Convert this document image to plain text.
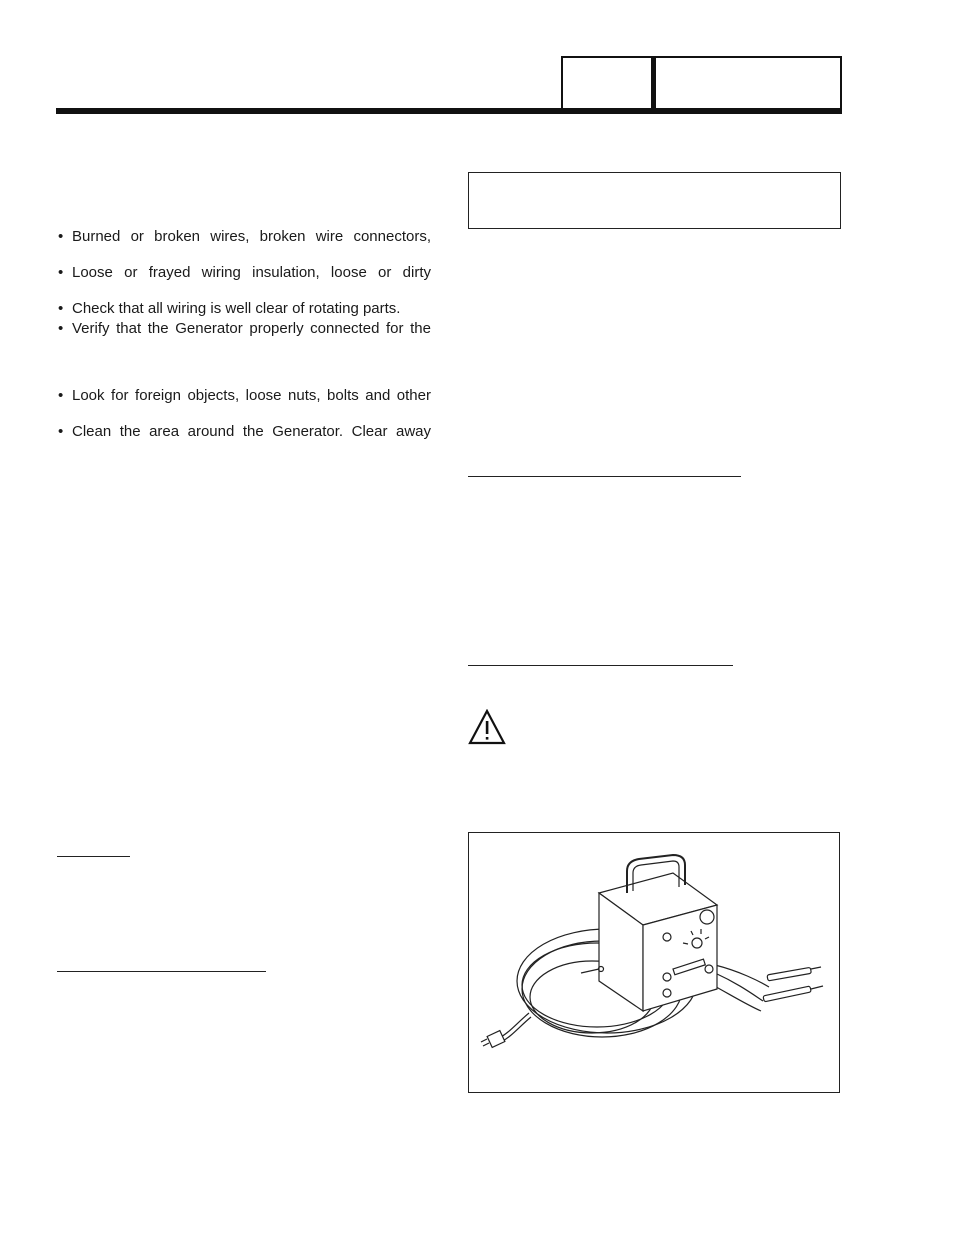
• Burned or broken wires, broken wire connectors,
• Loose or frayed wiring insulation, loose or dirty
• Check that all wiring is well clear of rotating parts.
• Verify that the Generator properly connected for the
• Look for foreign objects, loose nuts, bolts and other
• Clean the area around the Generator. Clear away
